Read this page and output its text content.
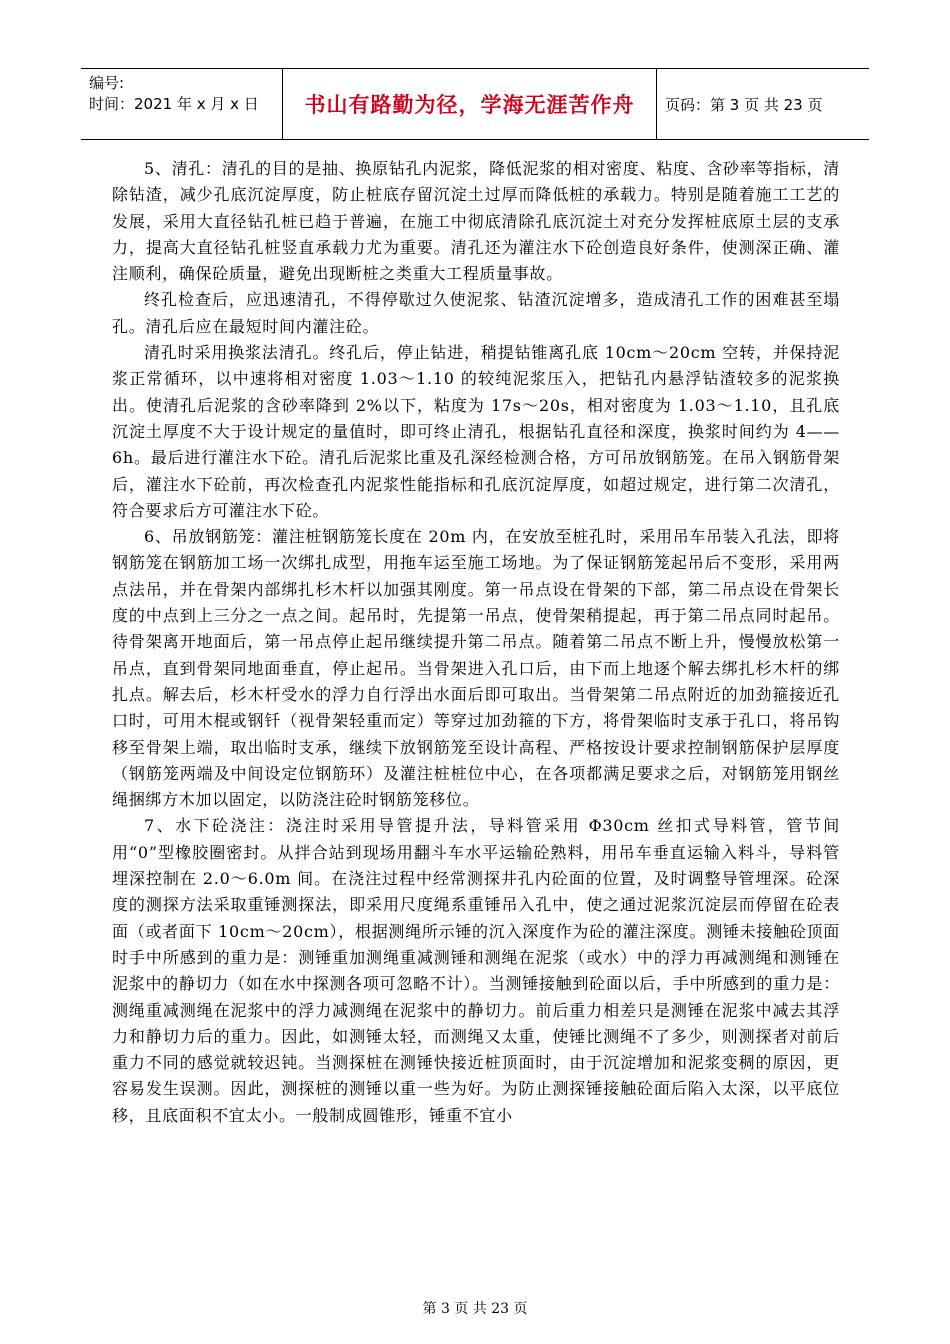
编号:
时间：2021 年 x 月 x 日	书山有路勤为径，学海无涯苦作舟 页码：第 3 页 共 23 页

5、清孔：清孔的目的是抽、换原钻孔内泥浆，降低泥浆的相对密度、粘度、含砂率等指标，清除钻渣，减少孔底沉淀厚度，防止桩底存留沉淀土过厚而降低桩的承载力。特别是随着施工工艺的发展，采用大直径钻孔桩已趋于普遍，在施工中彻底清除孔底沉淀土对充分发挥桩底原土层的支承力，提高大直径钻孔桩竖直承载力尤为重要。清孔还为灌注水下砼创造良好条件，使测深正确、灌注顺利，确保砼质量，避免出现断桩之类重大工程质量事故。

终孔检查后，应迅速清孔，不得停歇过久使泥浆、钻渣沉淀增多，造成清孔工作的困难甚至塌孔。清孔后应在最短时间内灌注砼。

清孔时采用换浆法清孔。终孔后，停止钻进，稍提钻锥离孔底 10cm～20cm 空转，并保持泥浆正常循环，以中速将相对密度 1.03～1.10 的较纯泥浆压入，把钻孔内悬浮钻渣较多的泥浆换出。使清孔后泥浆的含砂率降到 2%以下，粘度为 17s～20s，相对密度为 1.03～1.10，且孔底沉淀土厚度不大于设计规定的量值时，即可终止清孔，根据钻孔直径和深度，换浆时间约为 4——6h。最后进行灌注水下砼。清孔后泥浆比重及孔深经检测合格，方可吊放钢筋笼。在吊入钢筋骨架后，灌注水下砼前，再次检查孔内泥浆性能指标和孔底沉淀厚度，如超过规定，进行第二次清孔，符合要求后方可灌注水下砼。

6、吊放钢筋笼：灌注桩钢筋笼长度在 20m 内，在安放至桩孔时，采用吊车吊装入孔法，即将钢筋笼在钢筋加工场一次绑扎成型，用拖车运至施工场地。为了保证钢筋笼起吊后不变形，采用两点法吊，并在骨架内部绑扎杉木杆以加强其刚度。第一吊点设在骨架的下部，第二吊点设在骨架长度的中点到上三分之一点之间。起吊时，先提第一吊点，使骨架稍提起，再于第二吊点同时起吊。待骨架离开地面后，第一吊点停止起吊继续提升第二吊点。随着第二吊点不断上升，慢慢放松第一吊点，直到骨架同地面垂直，停止起吊。当骨架进入孔口后，由下而上地逐个解去绑扎杉木杆的绑扎点。解去后，杉木杆受水的浮力自行浮出水面后即可取出。当骨架第二吊点附近的加劲箍接近孔口时，可用木棍或钢钎（视骨架轻重而定）等穿过加劲箍的下方，将骨架临时支承于孔口，将吊钩移至骨架上端，取出临时支承，继续下放钢筋笼至设计高程、严格按设计要求控制钢筋保护层厚度（钢筋笼两端及中间设定位钢筋环）及灌注桩桩位中心，在各项都满足要求之后，对钢筋笼用钢丝绳捆绑方木加以固定，以防浇注砼时钢筋笼移位。

7、水下砼浇注：浇注时采用导管提升法，导料管采用 Φ30cm 丝扣式导料管，管节间用“0”型橡胶圈密封。从拌合站到现场用翻斗车水平运输砼熟料，用吊车垂直运输入料斗，导料管埋深控制在 2.0～6.0m 间。在浇注过程中经常测探井孔内砼面的位置，及时调整导管埋深。砼深度的测探方法采取重锤测探法，即采用尺度绳系重锤吊入孔中，使之通过泥浆沉淀层而停留在砼表面（或者面下 10cm～20cm），根据测绳所示锤的沉入深度作为砼的灌注深度。测锤未接触砼顶面时手中所感到的重力是：测锤重加测绳重减测锤和测绳在泥浆（或水）中的浮力再减测绳和测锤在泥浆中的静切力（如在水中探测各项可忽略不计）。当测锤接触到砼面以后，手中所感到的重力是：测绳重减测绳在泥浆中的浮力减测绳在泥浆中的静切力。前后重力相差只是测锤在泥浆中减去其浮力和静切力后的重力。因此，如测锤太轻，而测绳又太重，使锤比测绳不了多少，则测探者对前后重力不同的感觉就较迟钝。当测探桩在测锤快接近桩顶面时，由于沉淀增加和泥浆变稠的原因，更容易发生误测。因此，测探桩的测锤以重一些为好。为防止测探锤接触砼面后陷入太深，以平底位移，且底面积不宜太小。一般制成圆锥形，锤重不宜小

第 3 页 共 23 页
